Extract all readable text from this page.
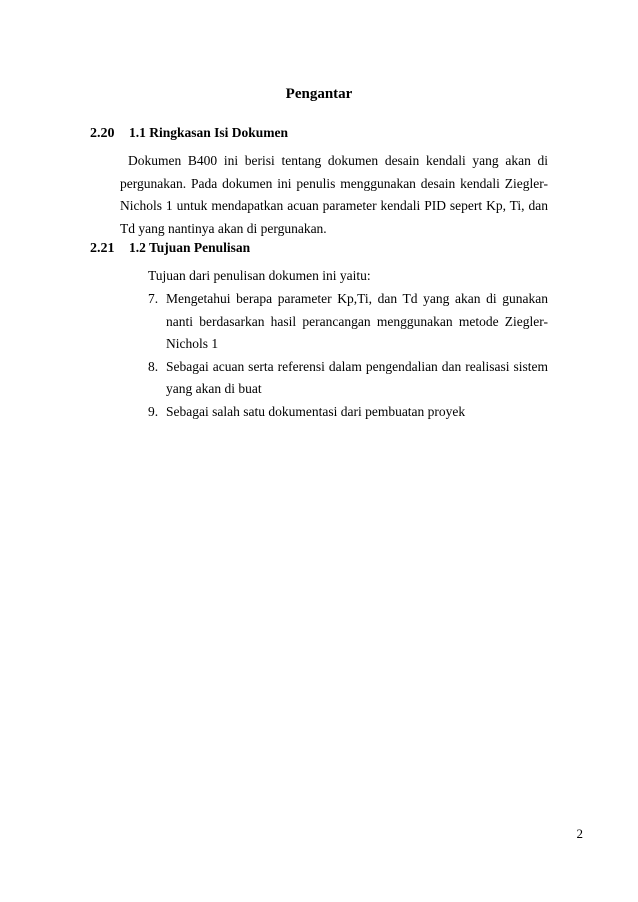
Pengantar
2.20 1.1 Ringkasan Isi Dokumen
Dokumen B400 ini berisi tentang dokumen desain kendali yang akan di pergunakan. Pada dokumen ini penulis menggunakan desain kendali Ziegler-Nichols 1 untuk mendapatkan acuan parameter kendali PID sepert Kp, Ti, dan Td yang nantinya akan di pergunakan.
2.21 1.2 Tujuan Penulisan
Tujuan dari penulisan dokumen ini yaitu:
7. Mengetahui berapa parameter Kp,Ti, dan Td yang akan di gunakan nanti berdasarkan hasil perancangan menggunakan metode Ziegler-Nichols 1
8. Sebagai acuan serta referensi dalam pengendalian dan realisasi sistem yang akan di buat
9. Sebagai salah satu dokumentasi dari pembuatan proyek
2
